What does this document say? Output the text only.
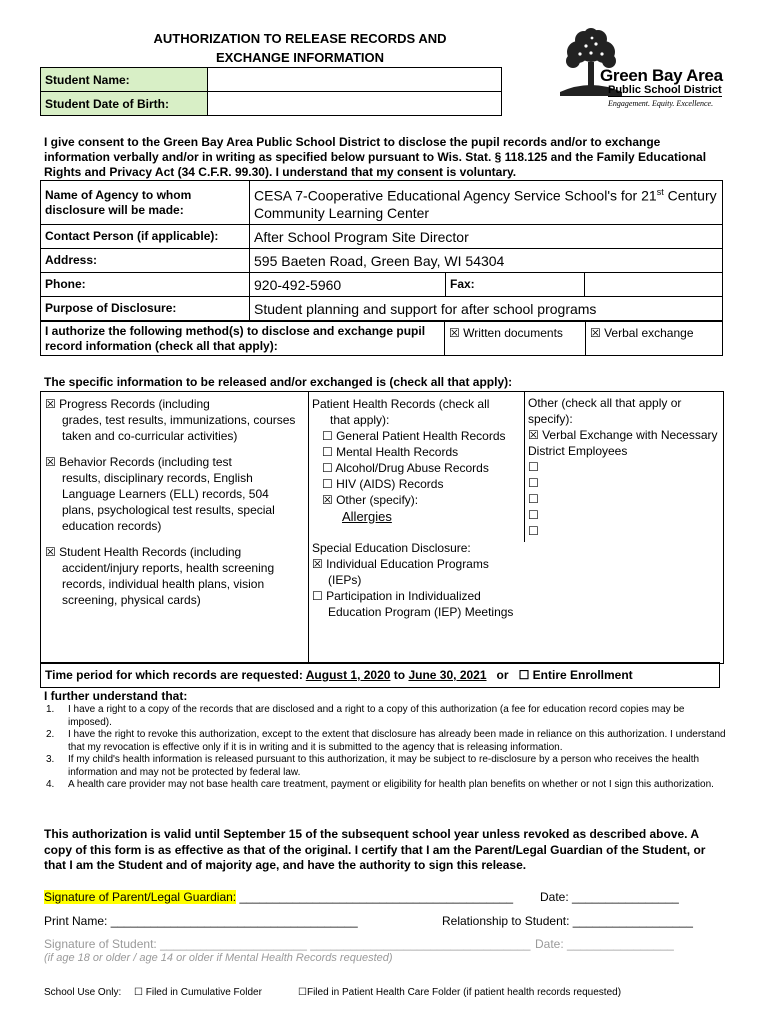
AUTHORIZATION TO RELEASE RECORDS AND
EXCHANGE INFORMATION
Student Name:	
Student Date of Birth:	
Green Bay Area
Public School District
Engagement. Equity. Excellence.
I give consent to the Green Bay Area Public School District to disclose the pupil records and/or to exchange information verbally and/or in writing as specified below pursuant to Wis. Stat. § 118.125 and the Family Educational Rights and Privacy Act (34 C.F.R. 99.30). I understand that my consent is voluntary.
Name of Agency to whom disclosure will be made:	CESA 7-Cooperative Educational Agency Service School's for 21st Century Community Learning Center		
Contact Person (if applicable):	After School Program Site Director		
Address:	595 Baeten Road, Green Bay, WI 54304		
Phone:	920-492-5960	Fax:	
Purpose of Disclosure:	Student planning and support for after school programs		
I authorize the following method(s) to disclose and exchange pupil record information (check all that apply):	☒ Written documents	☒ Verbal exchange
The specific information to be released and/or exchanged is (check all that apply):
☒ Progress Records (including
grades, test results, immunizations, courses taken and co-curricular activities)
☒ Behavior Records (including test
results, disciplinary records, English Language Learners (ELL) records, 504 plans, psychological test results, special education records)
☒ Student Health Records (including
accident/injury reports, health screening records, individual health plans, vision screening, physical cards)
Patient Health Records (check all
that apply):
☐ General Patient Health Records
☐ Mental Health Records
☐ Alcohol/Drug Abuse Records
☐ HIV (AIDS) Records
☒ Other (specify):
Allergies
Special Education Disclosure:
☒ Individual Education Programs
(IEPs)
☐ Participation in Individualized
Education Program (IEP) Meetings
Other (check all that apply or specify):
☒ Verbal Exchange with Necessary District Employees
☐
☐
☐
☐
☐
Time period for which records are requested: August 1, 2020 to June 30, 2021 or ☐ Entire Enrollment
I further understand that:
1. I have a right to a copy of the records that are disclosed and a right to a copy of this authorization (a fee for education record copies may be imposed).
2. I have the right to revoke this authorization, except to the extent that disclosure has already been made in reliance on this authorization. I understand that my revocation is effective only if it is in writing and it is submitted to the agency that is releasing information.
3. If my child's health information is released pursuant to this authorization, it may be subject to re-disclosure by a person who receives the health information and may not be protected by federal law.
4. A health care provider may not base health care treatment, payment or eligibility for health plan benefits on whether or not I sign this authorization.
This authorization is valid until September 15 of the subsequent school year unless revoked as described above. A copy of this form is as effective as that of the original. I certify that I am the Parent/Legal Guardian of the Student, or that I am the Student and of majority age, and have the authority to sign this release.
Signature of Parent/Legal Guardian: _________________________________________ Date: ________________
Print Name: _____________________________________	Relationship to Student: __________________
Signature of Student: ______________________ _________________________________ Date: ________________
(if age 18 or older / age 14 or older if Mental Health Records requested)
School Use Only: ☐ Filed in Cumulative Folder	☐Filed in Patient Health Care Folder (if patient health records requested)
